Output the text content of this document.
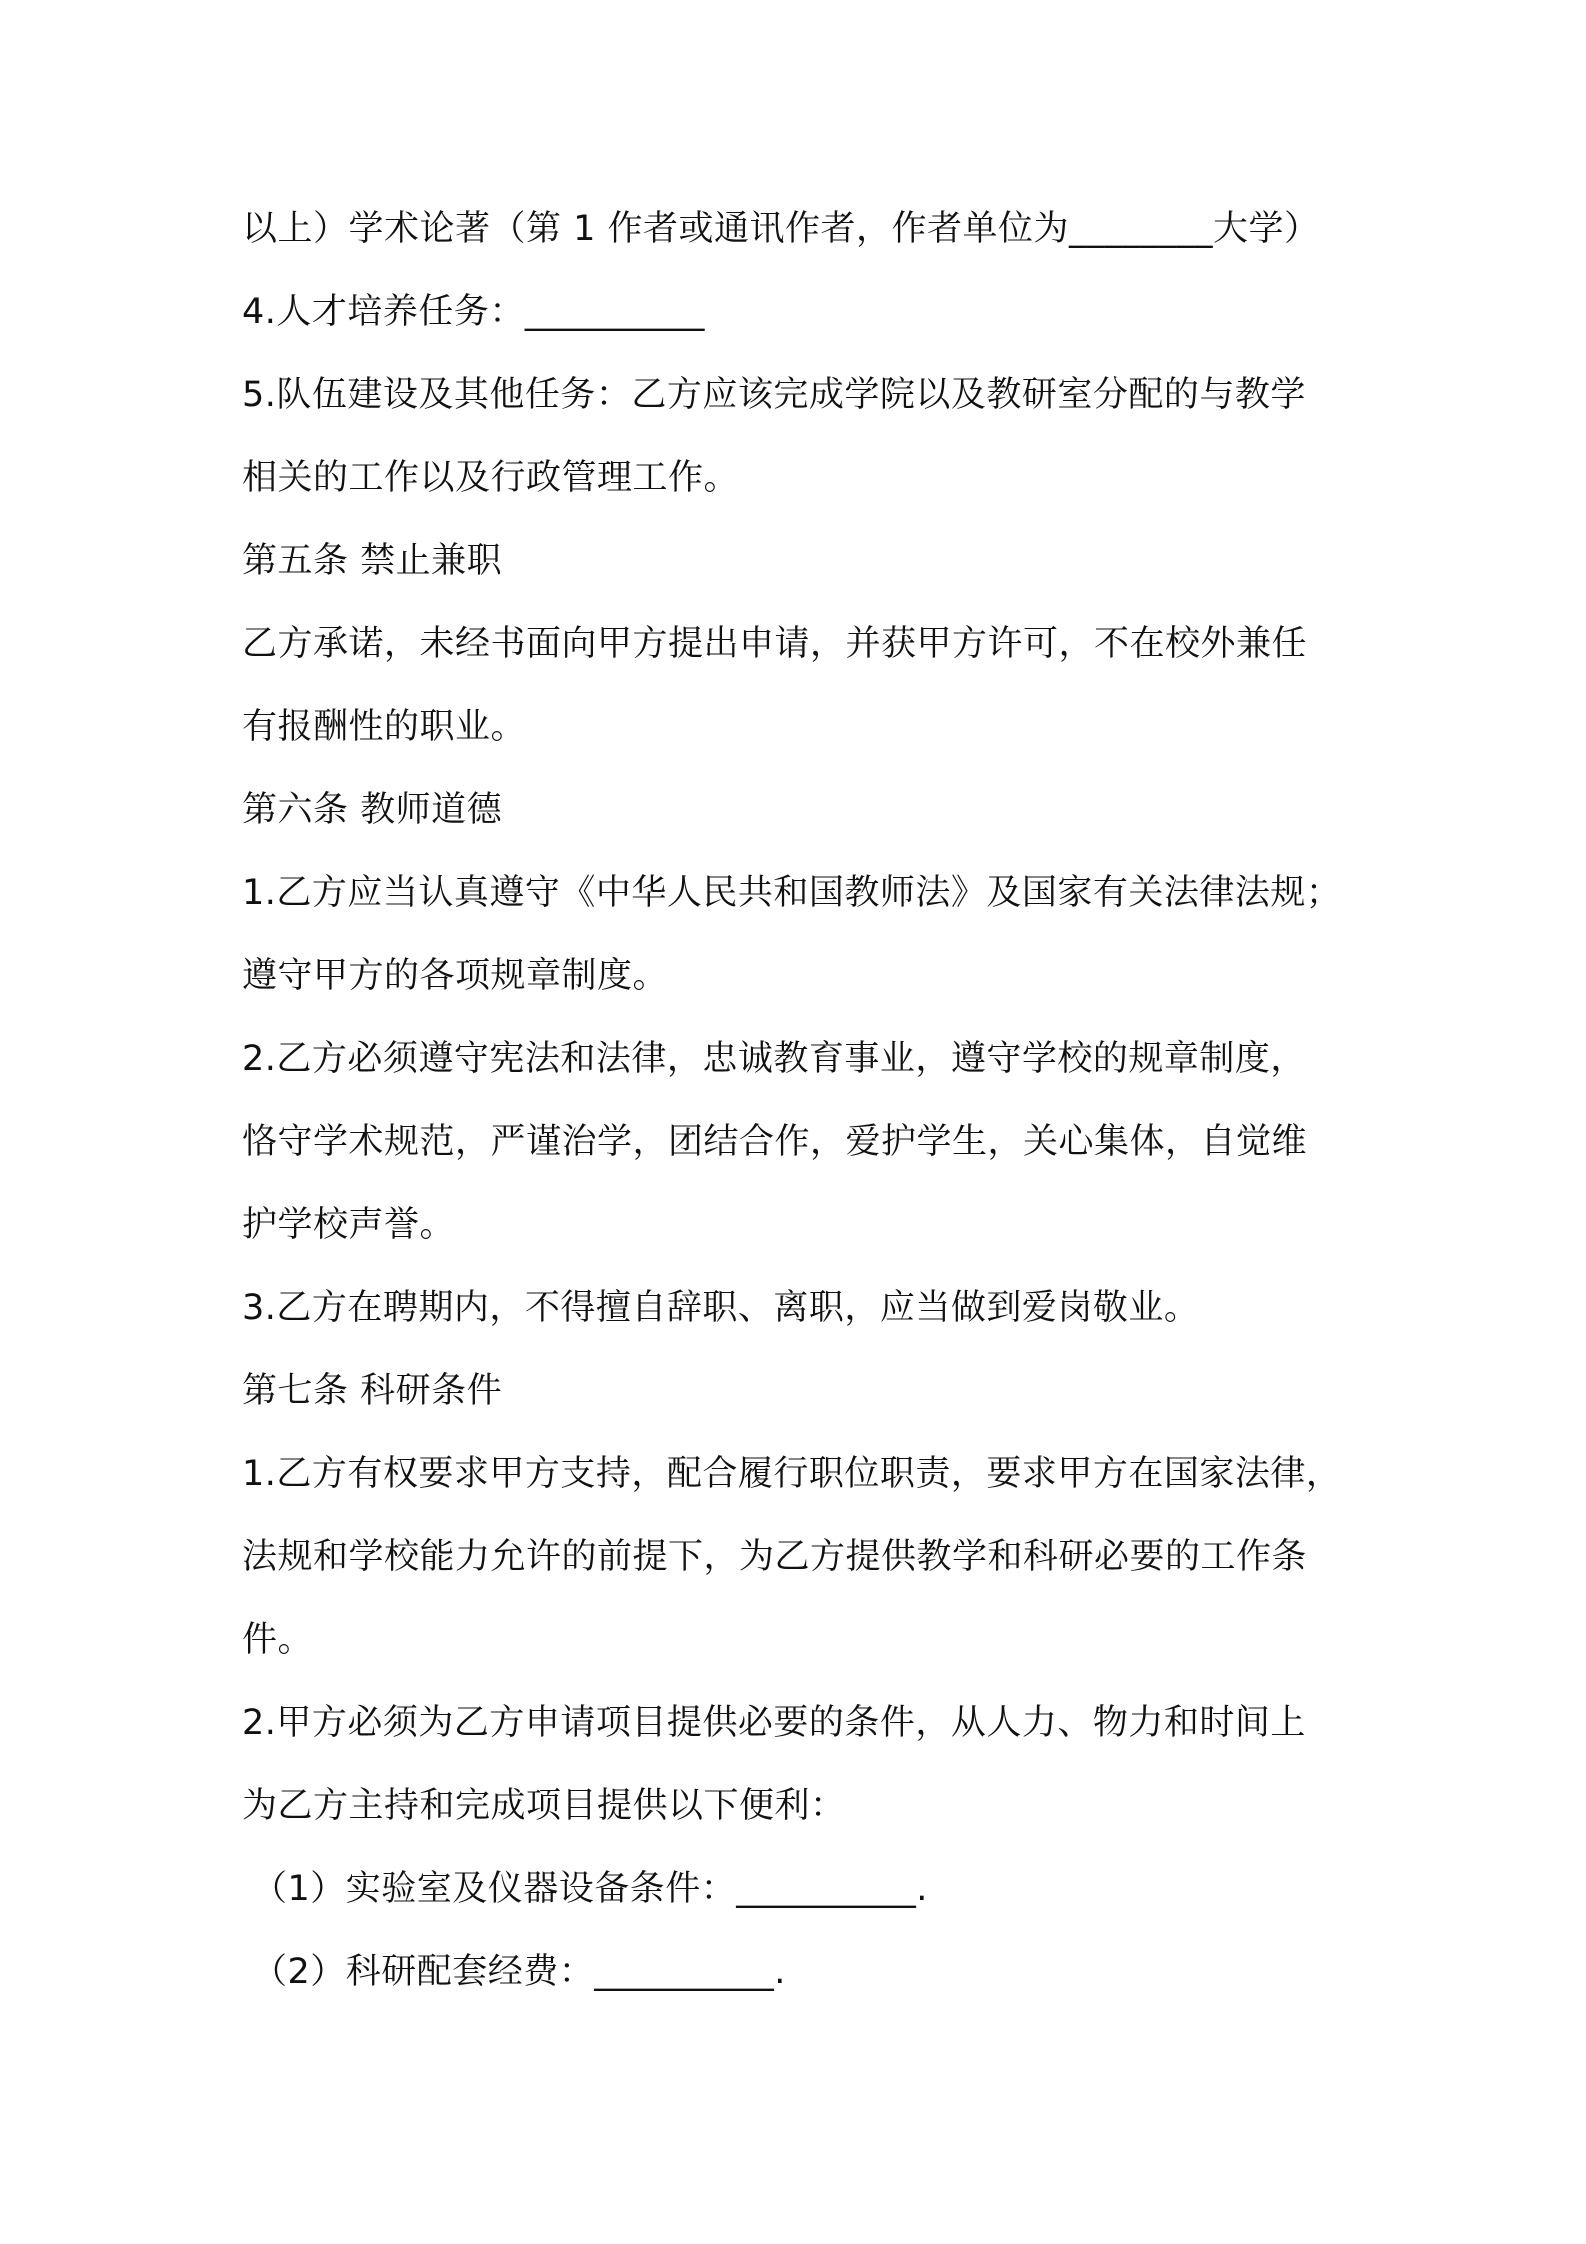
以上）学术论著（第 1 作者或通讯作者，作者单位为________大学）
4.人才培养任务：__________
5.队伍建设及其他任务：乙方应该完成学院以及教研室分配的与教学
相关的工作以及行政管理工作。
第五条 禁止兼职
乙方承诺，未经书面向甲方提出申请，并获甲方许可，不在校外兼任
有报酬性的职业。
第六条 教师道德
1.乙方应当认真遵守《中华人民共和国教师法》及国家有关法律法规；
遵守甲方的各项规章制度。
2.乙方必须遵守宪法和法律，忠诚教育事业，遵守学校的规章制度，
恪守学术规范，严谨治学，团结合作，爱护学生，关心集体，自觉维
护学校声誉。
3.乙方在聘期内，不得擅自辞职、离职，应当做到爱岗敬业。
第七条 科研条件
1.乙方有权要求甲方支持，配合履行职位职责，要求甲方在国家法律，
法规和学校能力允许的前提下，为乙方提供教学和科研必要的工作条
件。
2.甲方必须为乙方申请项目提供必要的条件，从人力、物力和时间上
为乙方主持和完成项目提供以下便利：
（1）实验室及仪器设备条件：__________.
（2）科研配套经费：__________.
